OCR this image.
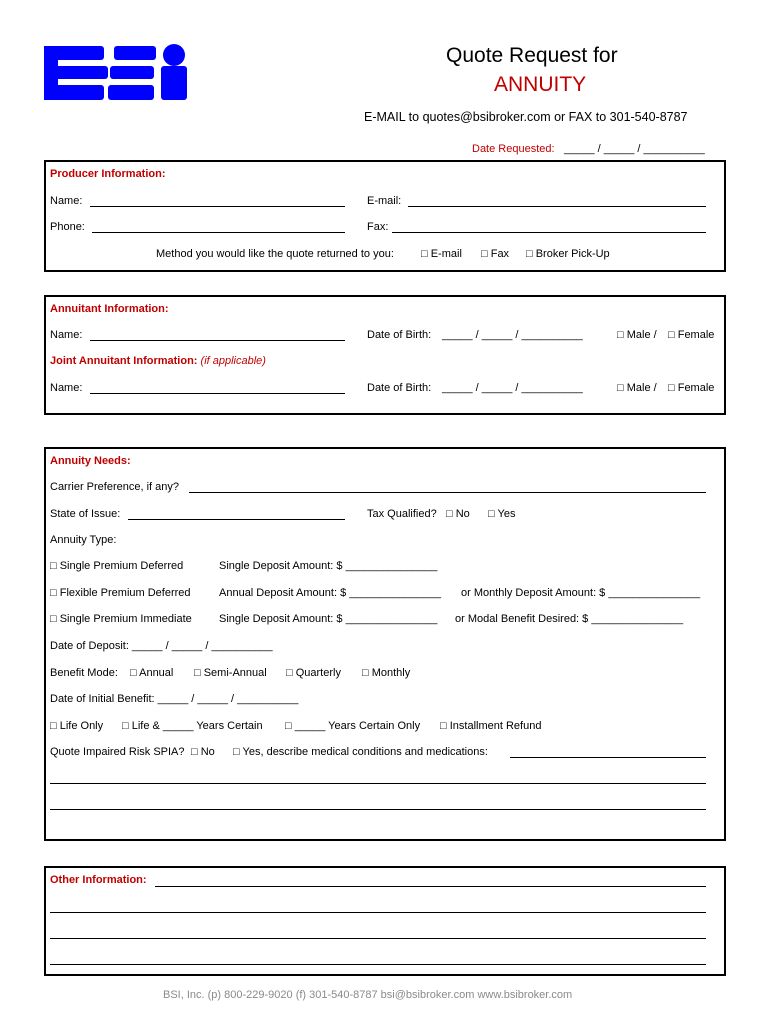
Quote Request for
ANNUITY
E-MAIL to quotes@bsibroker.com or FAX to 301-540-8787
Date Requested: _____ / _____ / __________
Producer Information:
Name:	E-mail:
Phone:	Fax:
Method you would like the quote returned to you: □ E-mail □ Fax □ Broker Pick-Up
Annuitant Information:
Name:	Date of Birth: _____ / _____ / __________	□ Male / □ Female
Joint Annuitant Information: (if applicable)
Name:	Date of Birth: _____ / _____ / __________	□ Male / □ Female
Annuity Needs:
Carrier Preference, if any?
State of Issue:	Tax Qualified? □ No □ Yes
Annuity Type:
□ Single Premium Deferred	Single Deposit Amount: $ _______________
□ Flexible Premium Deferred	Annual Deposit Amount: $ _______________ or Monthly Deposit Amount: $ _______________
□ Single Premium Immediate Single Deposit Amount: $ _______________ or Modal Benefit Desired: $ _______________
Date of Deposit: _____ / _____ / __________
Benefit Mode: □ Annual □ Semi-Annual □ Quarterly □ Monthly
Date of Initial Benefit: _____ / _____ / __________
□ Life Only □ Life & _____ Years Certain □ _____ Years Certain Only □ Installment Refund
Quote Impaired Risk SPIA? □ No □ Yes, describe medical conditions and medications:
Other Information:
BSI, Inc. (p) 800-229-9020 (f) 301-540-8787 bsi@bsibroker.com www.bsibroker.com
